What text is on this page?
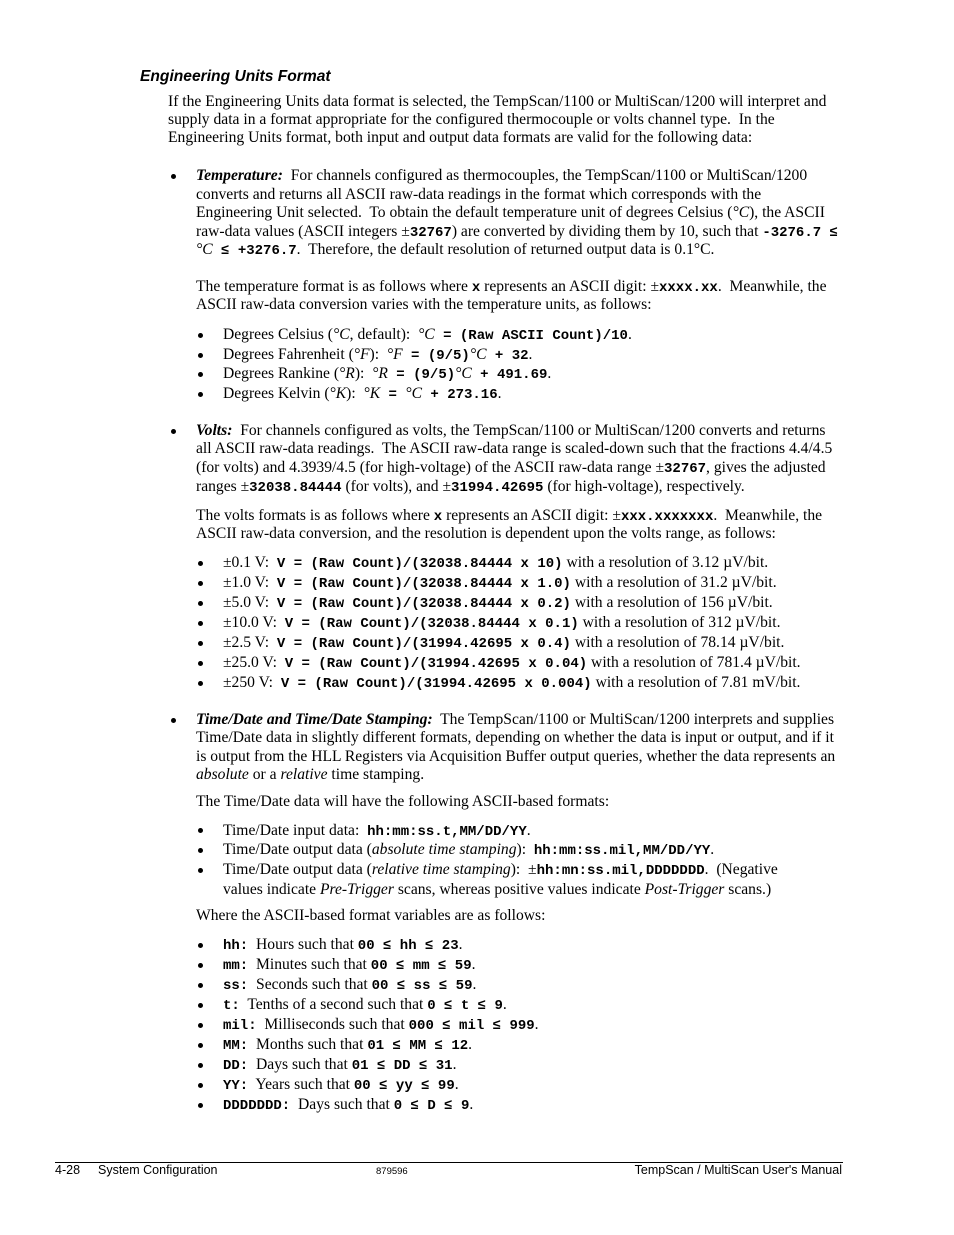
Engineering Units Format
If the Engineering Units data format is selected, the TempScan/1100 or MultiScan/1200 will interpret and
supply data in a format appropriate for the configured thermocouple or volts channel type.  In the
Engineering Units format, both input and output data formats are valid for the following data:
Temperature:  For channels configured as thermocouples, the TempScan/1100 or MultiScan/1200
converts and returns all ASCII raw-data readings in the format which corresponds with the
Engineering Unit selected.  To obtain the default temperature unit of degrees Celsius (°C), the ASCII
raw-data values (ASCII integers ±32767) are converted by dividing them by 10, such that -3276.7 ≤
°C ≤ +3276.7.  Therefore, the default resolution of returned output data is 0.1°C.
The temperature format is as follows where x represents an ASCII digit: ±xxxx.xx.  Meanwhile, the
ASCII raw-data conversion varies with the temperature units, as follows:
Degrees Celsius (°C, default):  °C = (Raw ASCII Count)/10.
Degrees Fahrenheit (°F):  °F = (9/5)°C + 32.
Degrees Rankine (°R):  °R = (9/5)°C + 491.69.
Degrees Kelvin (°K):  °K = °C + 273.16.
Volts:  For channels configured as volts, the TempScan/1100 or MultiScan/1200 converts and returns
all ASCII raw-data readings.  The ASCII raw-data range is scaled-down such that the fractions 4.4/4.5
(for volts) and 4.3939/4.5 (for high-voltage) of the ASCII raw-data range ±32767, gives the adjusted
ranges ±32038.84444 (for volts), and ±31994.42695 (for high-voltage), respectively.
The volts formats is as follows where x represents an ASCII digit: ±xxx.xxxxxxx.  Meanwhile, the
ASCII raw-data conversion, and the resolution is dependent upon the volts range, as follows:
±0.1 V:  V = (Raw Count)/(32038.84444 x 10) with a resolution of 3.12 µV/bit.
±1.0 V:  V = (Raw Count)/(32038.84444 x 1.0) with a resolution of 31.2 µV/bit.
±5.0 V:  V = (Raw Count)/(32038.84444 x 0.2) with a resolution of 156 µV/bit.
±10.0 V:  V = (Raw Count)/(32038.84444 x 0.1) with a resolution of 312 µV/bit.
±2.5 V:  V = (Raw Count)/(31994.42695 x 0.4) with a resolution of 78.14 µV/bit.
±25.0 V:  V = (Raw Count)/(31994.42695 x 0.04) with a resolution of 781.4 µV/bit.
±250 V:  V = (Raw Count)/(31994.42695 x 0.004) with a resolution of 7.81 mV/bit.
Time/Date and Time/Date Stamping:  The TempScan/1100 or MultiScan/1200 interprets and supplies
Time/Date data in slightly different formats, depending on whether the data is input or output, and if it
is output from the HLL Registers via Acquisition Buffer output queries, whether the data represents an
absolute or a relative time stamping.
The Time/Date data will have the following ASCII-based formats:
Time/Date input data:  hh:mm:ss.t,MM/DD/YY.
Time/Date output data (absolute time stamping):  hh:mm:ss.mil,MM/DD/YY.
Time/Date output data (relative time stamping):  ±hh:mn:ss.mil,DDDDDDD.  (Negative
values indicate Pre-Trigger scans, whereas positive values indicate Post-Trigger scans.)
Where the ASCII-based format variables are as follows:
hh:  Hours such that 00 ≤ hh ≤ 23.
mm:  Minutes such that 00 ≤ mm ≤ 59.
ss:  Seconds such that 00 ≤ ss ≤ 59.
t:  Tenths of a second such that 0 ≤ t ≤ 9.
mil:  Milliseconds such that 000 ≤ mil ≤ 999.
MM:  Months such that 01 ≤ MM ≤ 12.
DD:  Days such that 01 ≤ DD ≤ 31.
YY:  Years such that 00 ≤ yy ≤ 99.
DDDDDDD:  Days such that 0 ≤ D ≤ 9.
4-28 System Configuration	879596	TempScan / MultiScan User's Manual
